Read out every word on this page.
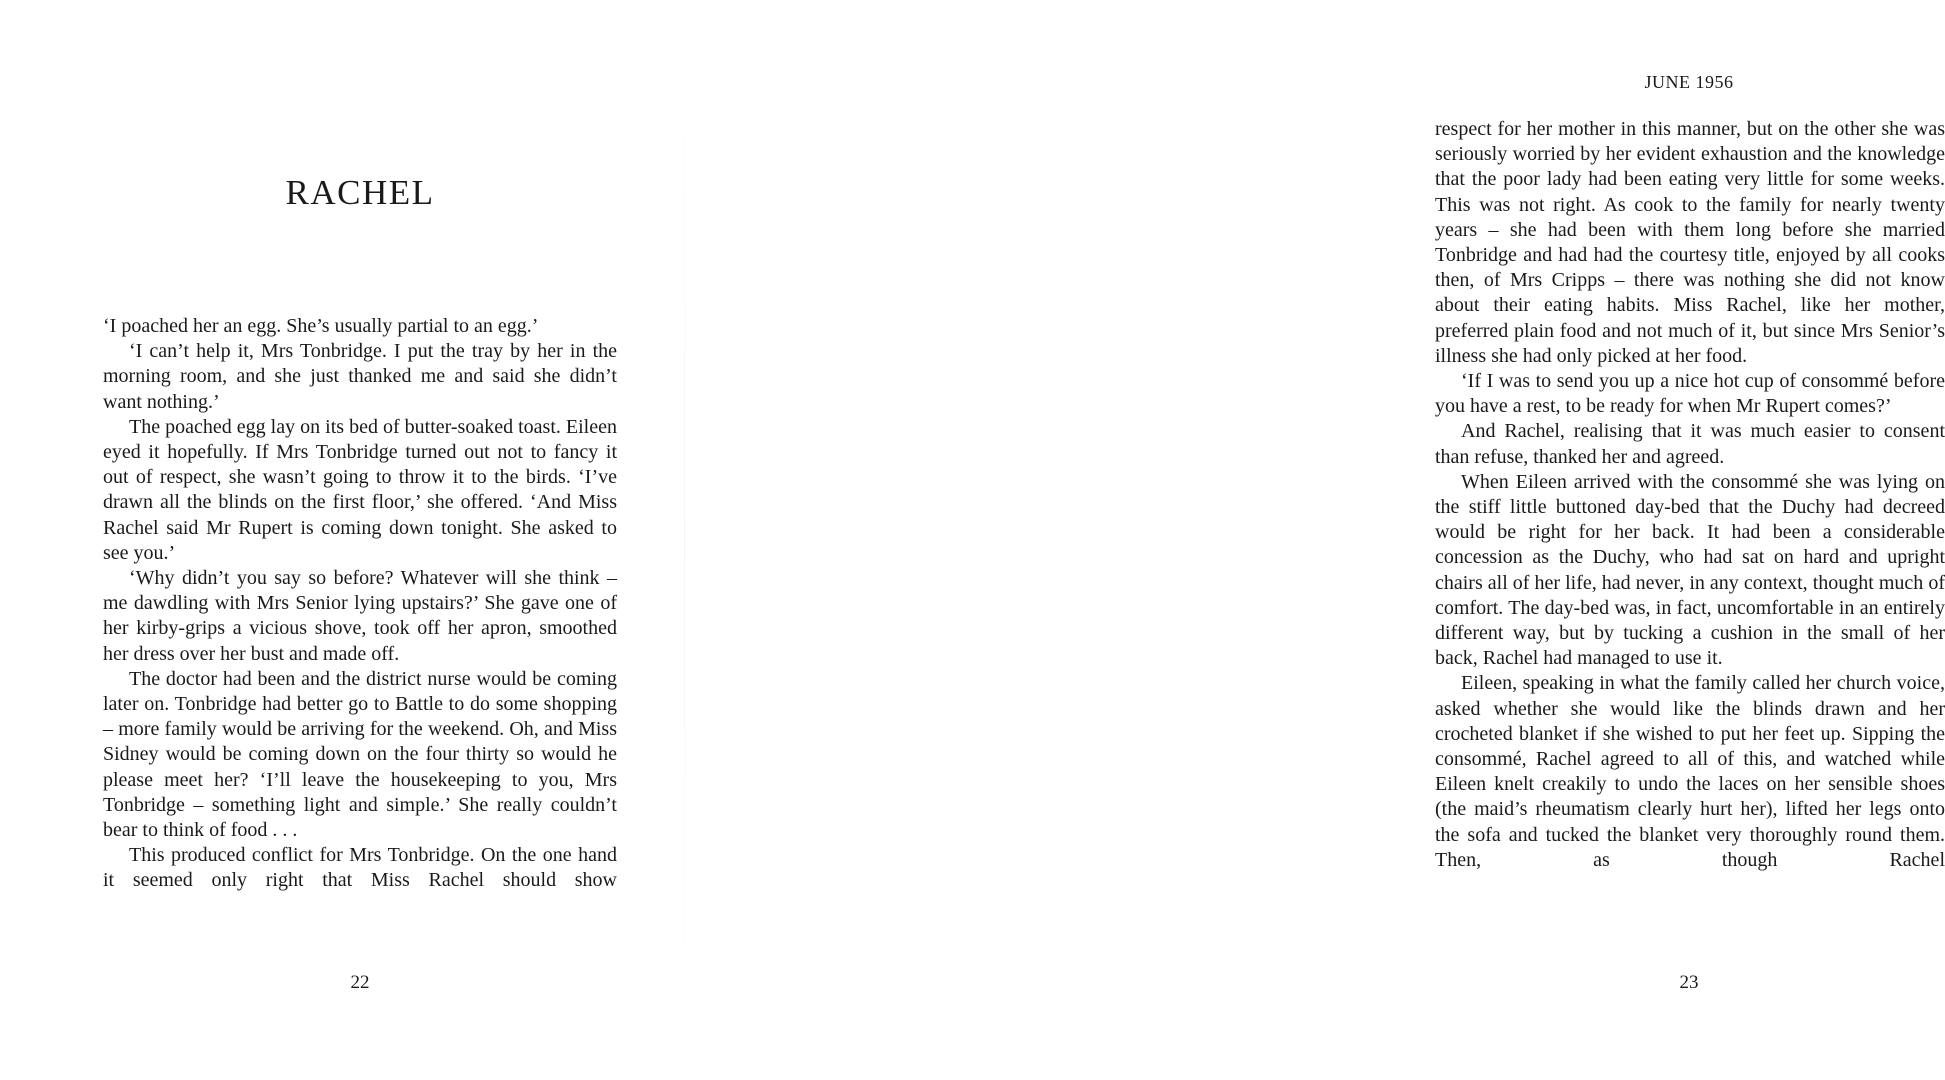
RACHEL

‘I poached her an egg. She’s usually partial to an egg.’

‘I can’t help it, Mrs Tonbridge. I put the tray by her in the morning room, and she just thanked me and said she didn’t want nothing.’

The poached egg lay on its bed of butter-soaked toast. Eileen eyed it hopefully. If Mrs Tonbridge turned out not to fancy it out of respect, she wasn’t going to throw it to the birds. ‘I’ve drawn all the blinds on the first floor,’ she offered. ‘And Miss Rachel said Mr Rupert is coming down tonight. She asked to see you.’

‘Why didn’t you say so before? Whatever will she think – me dawdling with Mrs Senior lying upstairs?’ She gave one of her kirby-grips a vicious shove, took off her apron, smoothed her dress over her bust and made off.

The doctor had been and the district nurse would be coming later on. Tonbridge had better go to Battle to do some shopping – more family would be arriving for the weekend. Oh, and Miss Sidney would be coming down on the four thirty so would he please meet her? ‘I’ll leave the housekeeping to you, Mrs Tonbridge – something light and simple.’ She really couldn’t bear to think of food . . .

This produced conflict for Mrs Tonbridge. On the one hand it seemed only right that Miss Rachel should show

22
JUNE 1956

respect for her mother in this manner, but on the other she was seriously worried by her evident exhaustion and the knowledge that the poor lady had been eating very little for some weeks. This was not right. As cook to the family for nearly twenty years – she had been with them long before she married Tonbridge and had had the courtesy title, enjoyed by all cooks then, of Mrs Cripps – there was nothing she did not know about their eating habits. Miss Rachel, like her mother, preferred plain food and not much of it, but since Mrs Senior’s illness she had only picked at her food.

‘If I was to send you up a nice hot cup of consommé before you have a rest, to be ready for when Mr Rupert comes?’

And Rachel, realising that it was much easier to consent than refuse, thanked her and agreed.

When Eileen arrived with the consommé she was lying on the stiff little buttoned day-bed that the Duchy had decreed would be right for her back. It had been a considerable concession as the Duchy, who had sat on hard and upright chairs all of her life, had never, in any context, thought much of comfort. The day-bed was, in fact, uncomfortable in an entirely different way, but by tucking a cushion in the small of her back, Rachel had managed to use it.

Eileen, speaking in what the family called her church voice, asked whether she would like the blinds drawn and her crocheted blanket if she wished to put her feet up. Sipping the consommé, Rachel agreed to all of this, and watched while Eileen knelt creakily to undo the laces on her sensible shoes (the maid’s rheumatism clearly hurt her), lifted her legs onto the sofa and tucked the blanket very thoroughly round them. Then, as though Rachel

23
